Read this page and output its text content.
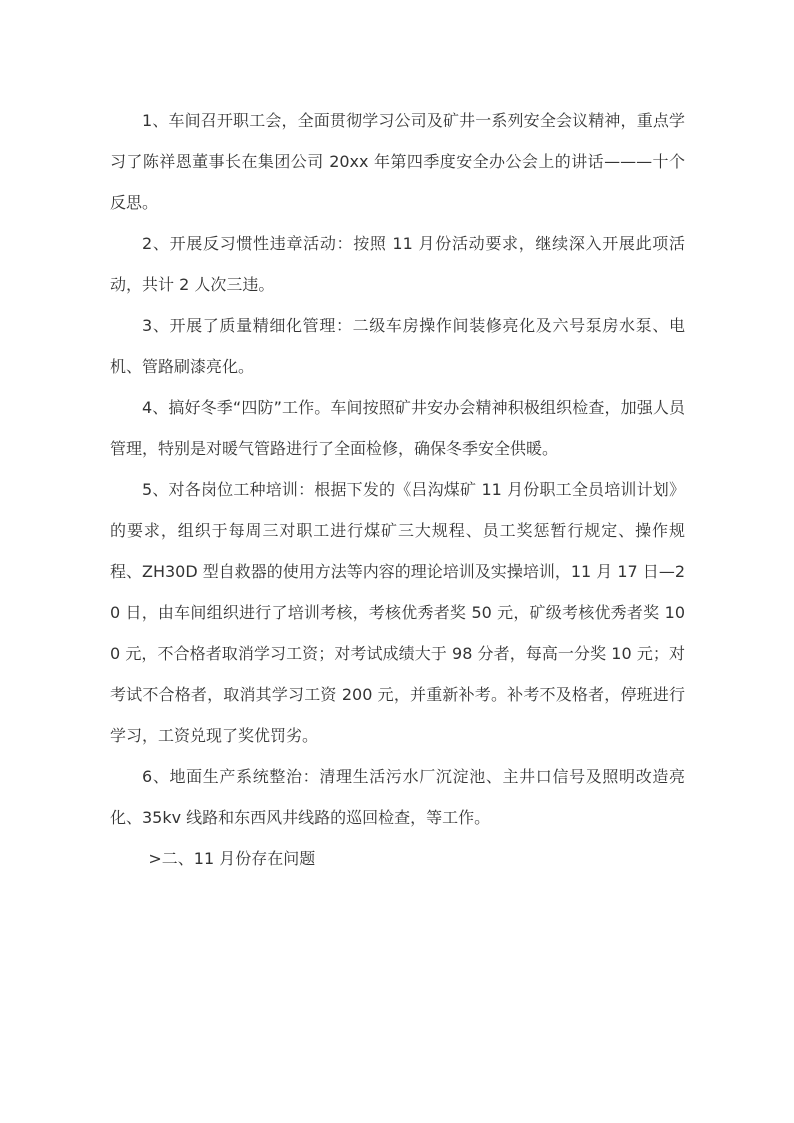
1、车间召开职工会，全面贯彻学习公司及矿井一系列安全会议精神，重点学习了陈祥恩董事长在集团公司 20xx 年第四季度安全办公会上的讲话———十个反思。

2、开展反习惯性违章活动：按照 11 月份活动要求，继续深入开展此项活动，共计 2 人次三违。

3、开展了质量精细化管理：二级车房操作间装修亮化及六号泵房水泵、电机、管路刷漆亮化。

4、搞好冬季“四防”工作。车间按照矿井安办会精神积极组织检查，加强人员管理，特别是对暖气管路进行了全面检修，确保冬季安全供暖。

5、对各岗位工种培训：根据下发的《吕沟煤矿 11 月份职工全员培训计划》的要求，组织于每周三对职工进行煤矿三大规程、员工奖惩暂行规定、操作规程、ZH30D 型自救器的使用方法等内容的理论培训及实操培训，11 月 17 日—20 日，由车间组织进行了培训考核，考核优秀者奖 50 元，矿级考核优秀者奖 100 元，不合格者取消学习工资；对考试成绩大于 98 分者，每高一分奖 10 元；对考试不合格者，取消其学习工资 200 元，并重新补考。补考不及格者，停班进行学习，工资兑现了奖优罚劣。

6、地面生产系统整治：清理生活污水厂沉淀池、主井口信号及照明改造亮化、35kv 线路和东西风井线路的巡回检查，等工作。

>二、11 月份存在问题
